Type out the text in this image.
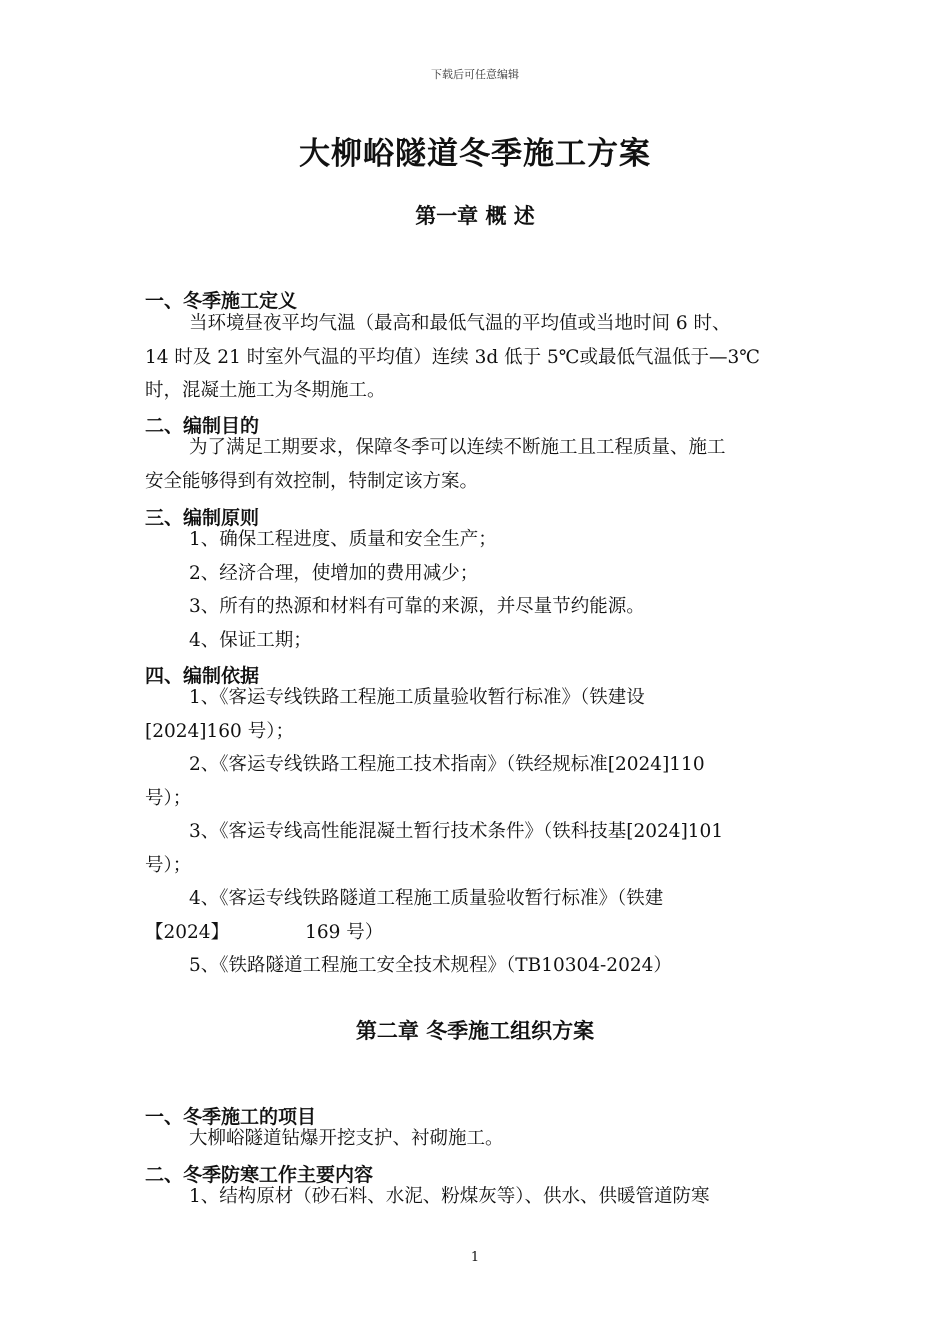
下载后可任意编辑
大柳峪隧道冬季施工方案
第一章 概 述
一、冬季施工定义
当环境昼夜平均气温（最高和最低气温的平均值或当地时间 6 时、
14 时及 21 时室外气温的平均值）连续 3d 低于 5℃或最低气温低于—3℃
时，混凝土施工为冬期施工。
二、编制目的
为了满足工期要求，保障冬季可以连续不断施工且工程质量、施工
安全能够得到有效控制，特制定该方案。
三、编制原则
1、确保工程进度、质量和安全生产；
2、经济合理，使增加的费用减少；
3、所有的热源和材料有可靠的来源，并尽量节约能源。
4、保证工期；
四、编制依据
1、《客运专线铁路工程施工质量验收暂行标准》（铁建设
[2024]160 号）；
2、《客运专线铁路工程施工技术指南》（铁经规标准[2024]110
号）；
3、《客运专线高性能混凝土暂行技术条件》（铁科技基[2024]101
号）；
4、《客运专线铁路隧道工程施工质量验收暂行标准》（铁建
【2024】	169 号）
5、《铁路隧道工程施工安全技术规程》（TB10304-2024）
第二章 冬季施工组织方案
一、冬季施工的项目
大柳峪隧道钻爆开挖支护、衬砌施工。
二、冬季防寒工作主要内容
1、结构原材（砂石料、水泥、粉煤灰等）、供水、供暖管道防寒
1
